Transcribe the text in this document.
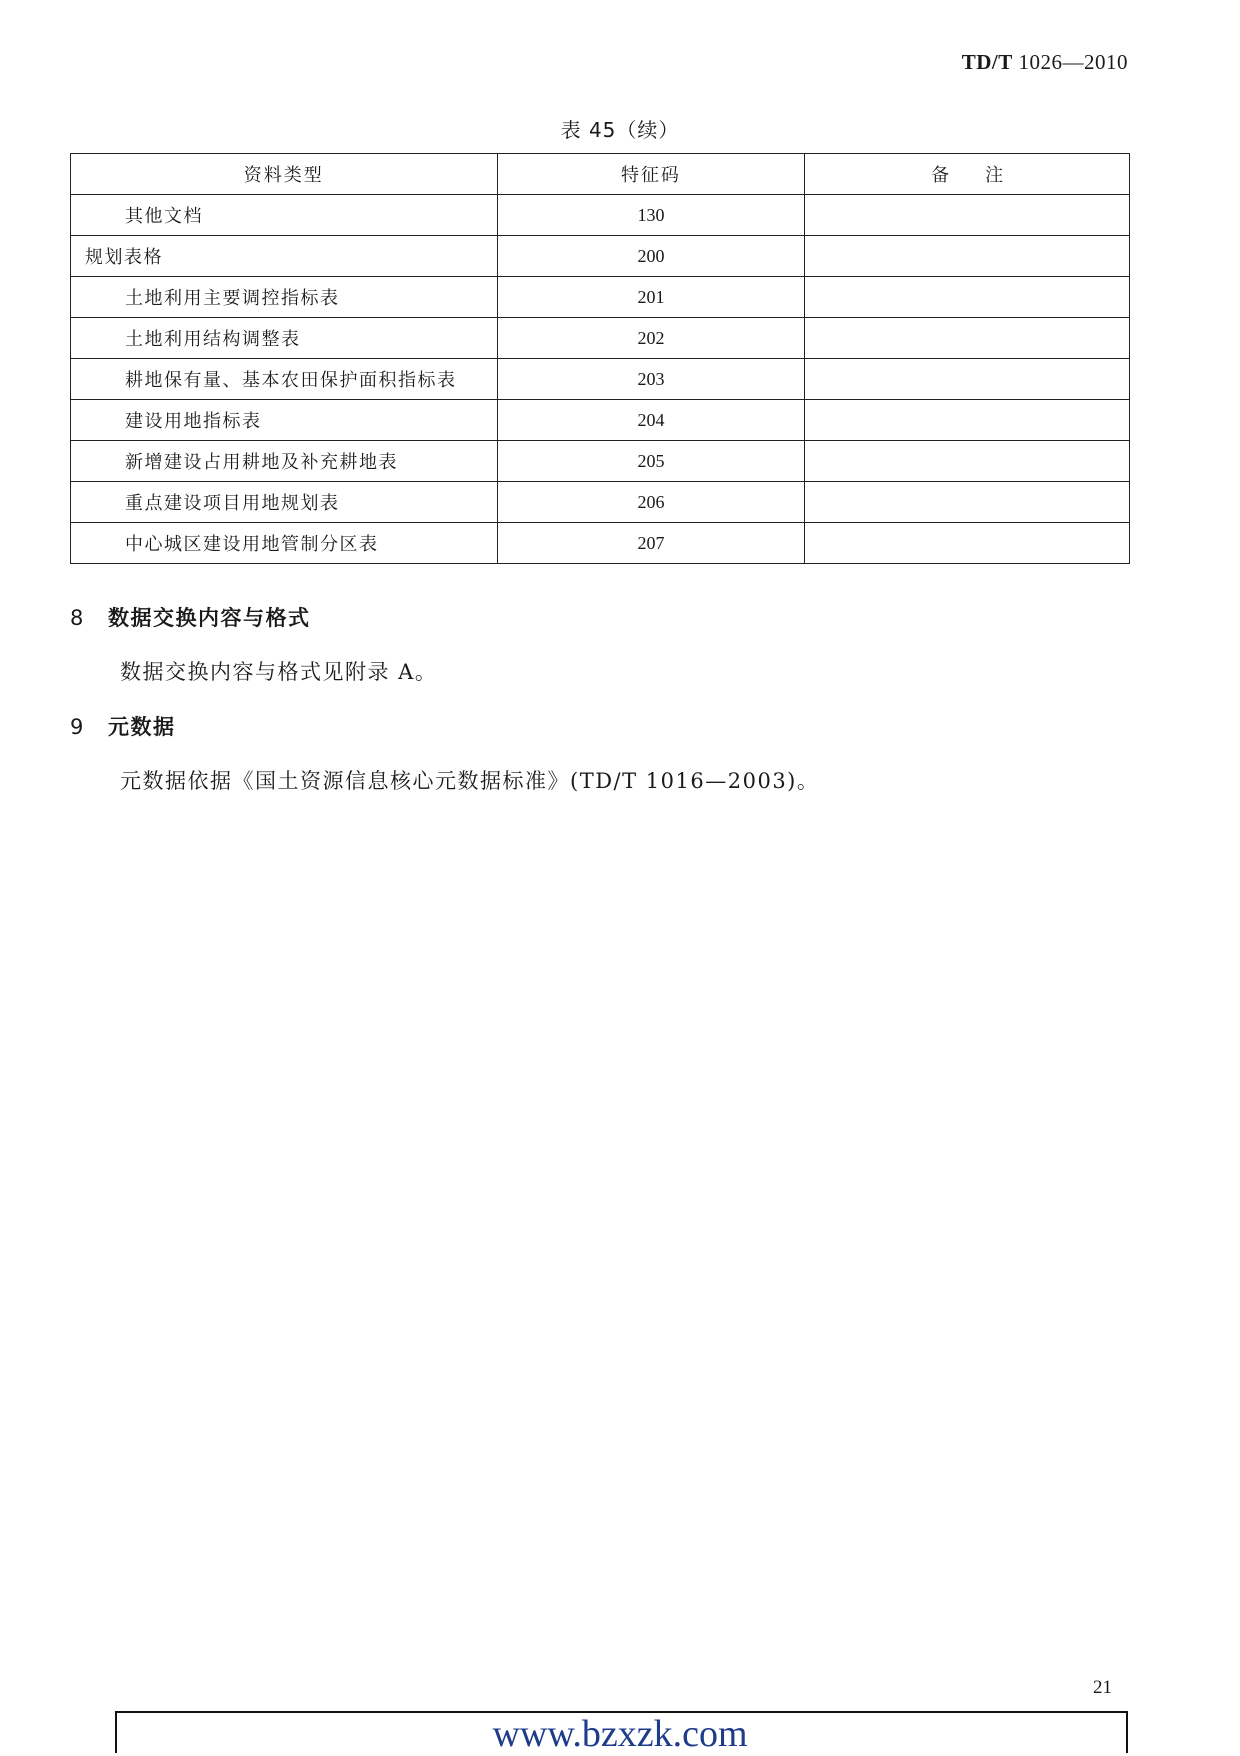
TD/T 1026—2010
表 45（续）
资料类型	特征码	备　　注
其他文档	130	
规划表格	200	
土地利用主要调控指标表	201	
土地利用结构调整表	202	
耕地保有量、基本农田保护面积指标表	203	
建设用地指标表	204	
新增建设占用耕地及补充耕地表	205	
重点建设项目用地规划表	206	
中心城区建设用地管制分区表	207	
8 数据交换内容与格式
数据交换内容与格式见附录 A。
9 元数据
元数据依据《国土资源信息核心元数据标准》(TD/T 1016—2003)。
21
www.bzxzk.com
